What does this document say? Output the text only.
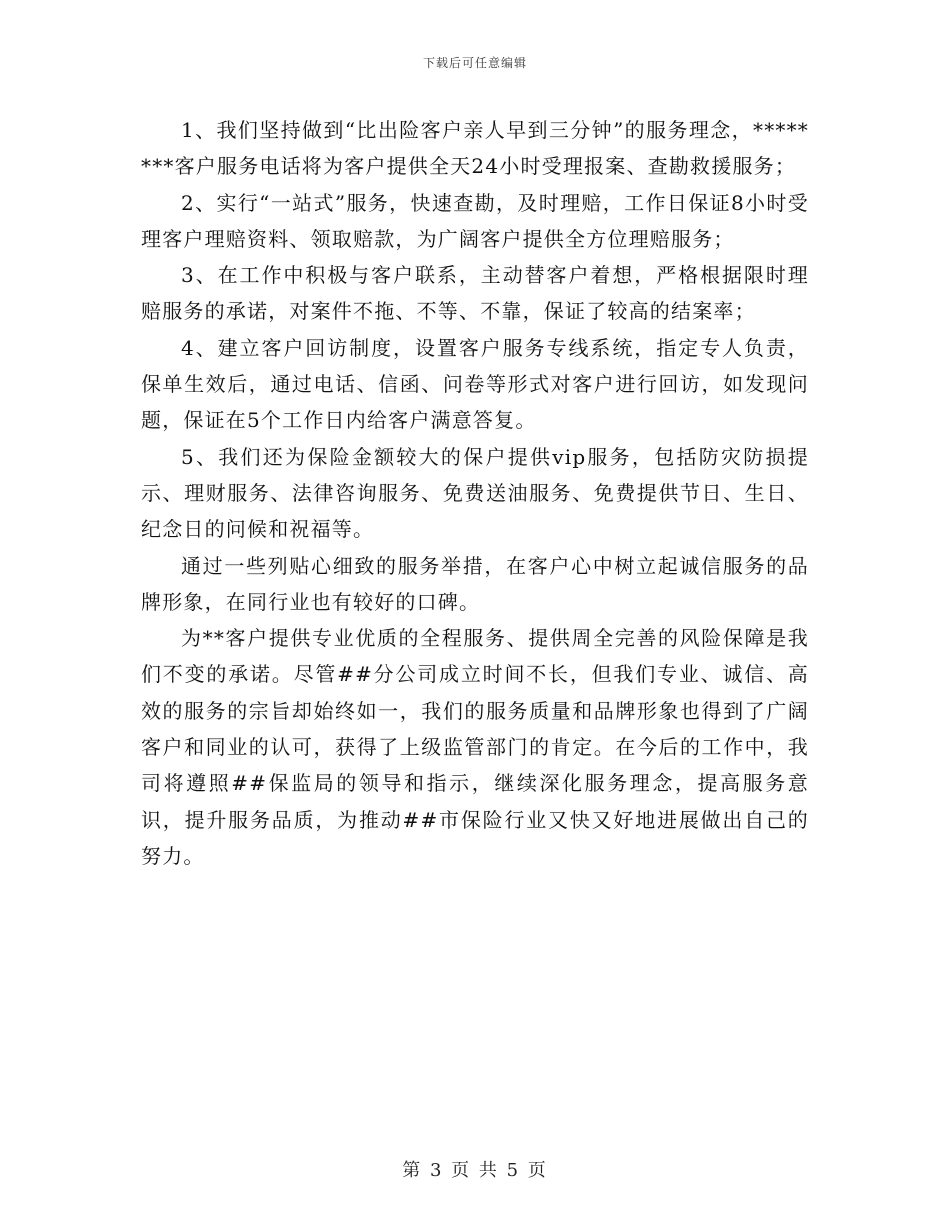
下载后可任意编辑

1、我们坚持做到“比出险客户亲人早到三分钟”的服务理念，********客户服务电话将为客户提供全天24小时受理报案、查勘救援服务；

2、实行“一站式”服务，快速查勘，及时理赔，工作日保证8小时受理客户理赔资料、领取赔款，为广阔客户提供全方位理赔服务；

3、在工作中积极与客户联系，主动替客户着想，严格根据限时理赔服务的承诺，对案件不拖、不等、不靠，保证了较高的结案率；

4、建立客户回访制度，设置客户服务专线系统，指定专人负责，保单生效后，通过电话、信函、问卷等形式对客户进行回访，如发现问题，保证在5个工作日内给客户满意答复。

5、我们还为保险金额较大的保户提供vip服务，包括防灾防损提示、理财服务、法律咨询服务、免费送油服务、免费提供节日、生日、纪念日的问候和祝福等。

通过一些列贴心细致的服务举措，在客户心中树立起诚信服务的品牌形象，在同行业也有较好的口碑。

为**客户提供专业优质的全程服务、提供周全完善的风险保障是我们不变的承诺。尽管##分公司成立时间不长，但我们专业、诚信、高效的服务的宗旨却始终如一，我们的服务质量和品牌形象也得到了广阔客户和同业的认可，获得了上级监管部门的肯定。在今后的工作中，我司将遵照##保监局的领导和指示，继续深化服务理念，提高服务意识，提升服务品质，为推动##市保险行业又快又好地进展做出自己的努力。

第 3 页 共 5 页
